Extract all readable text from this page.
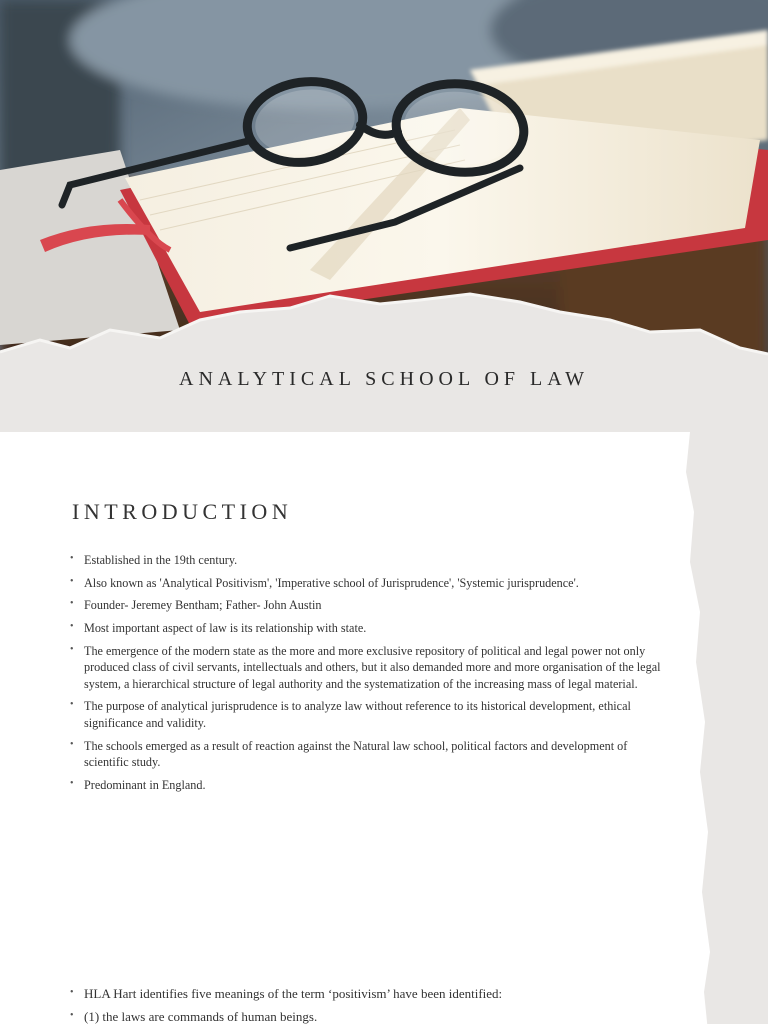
ANALYTICAL SCHOOL OF LAW
INTRODUCTION
• Established in the 19th century.
• Also known as 'Analytical Positivism', 'Imperative school of Jurisprudence', 'Systemic jurisprudence'.
• Founder- Jeremey Bentham; Father- John Austin
• Most important aspect of law is its relationship with state.
• The emergence of the modern state as the more and more exclusive repository of political and legal power not only produced class of civil servants, intellectuals and others, but it also demanded more and more organisation of the legal system, a hierarchical structure of legal authority and the systematization of the increasing mass of legal material.
• The purpose of analytical jurisprudence is to analyze law without reference to its historical development, ethical significance and validity.
• The schools emerged as a result of reaction against the Natural law school, political factors and development of scientific study.
• Predominant in England.
• HLA Hart identifies five meanings of the term ‘positivism’ have been identified:
• (1) the laws are commands of human beings.
